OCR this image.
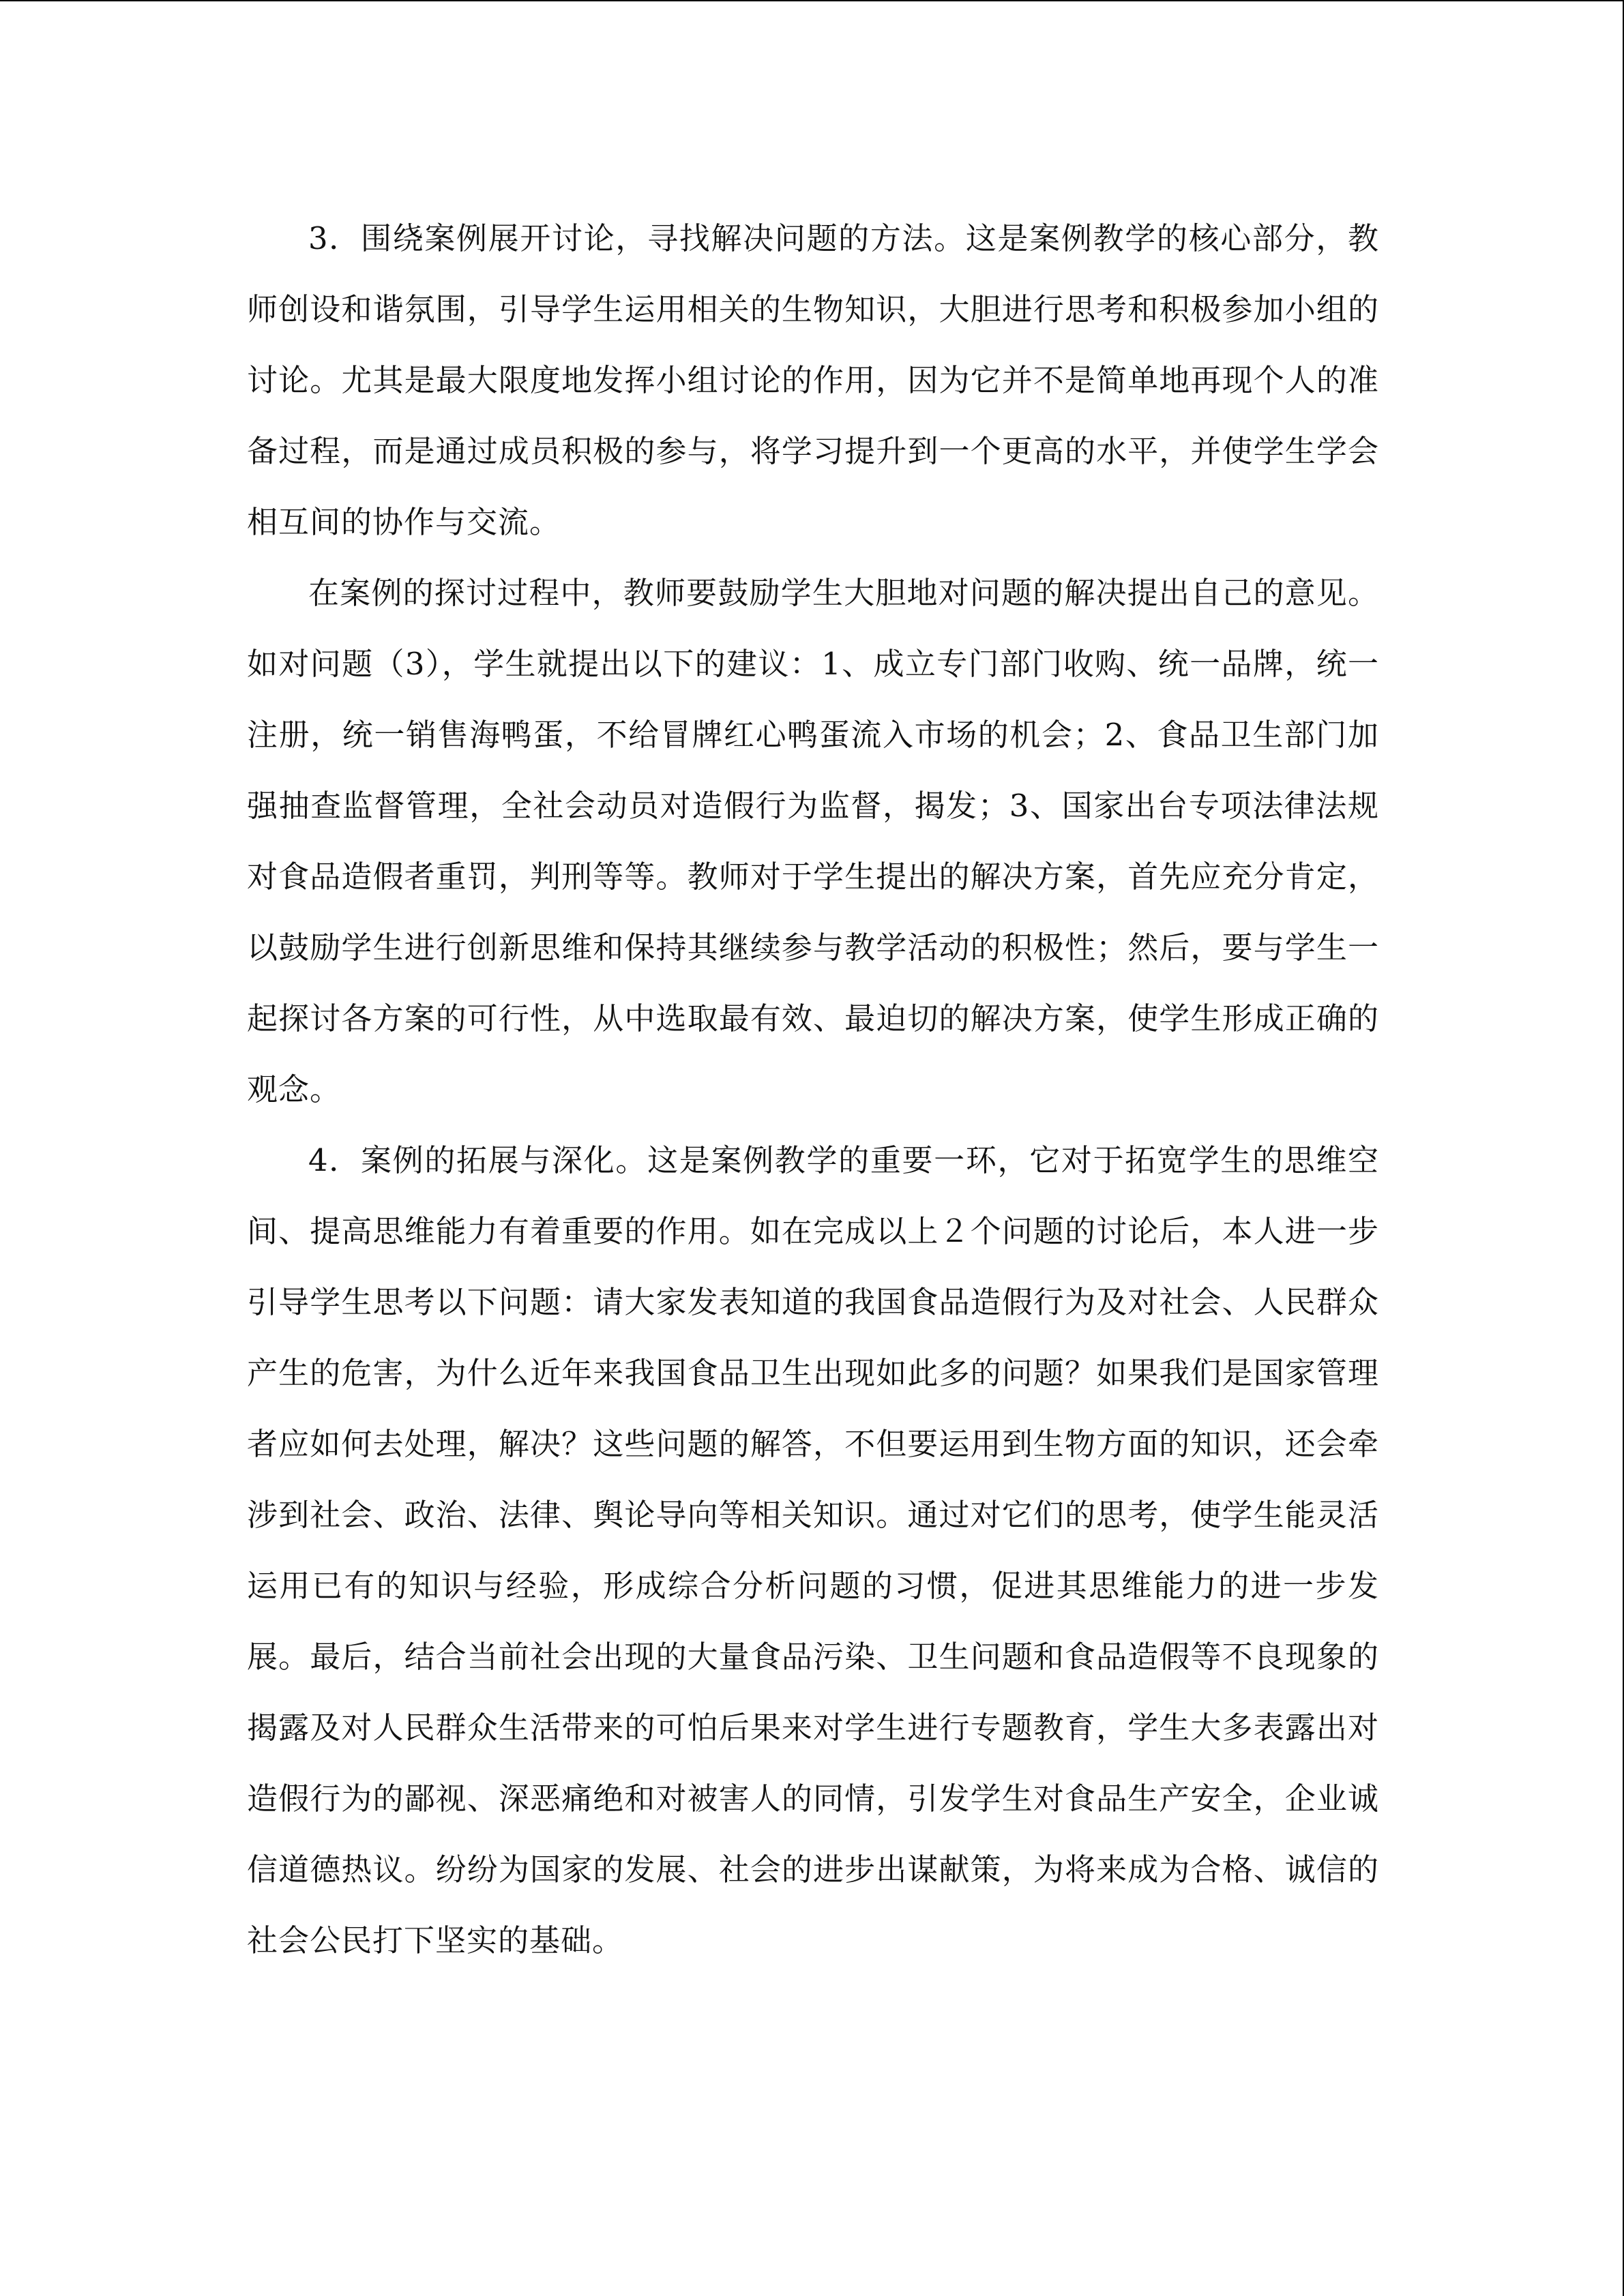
3．围绕案例展开讨论，寻找解决问题的方法。这是案例教学的核心部分，教师创设和谐氛围，引导学生运用相关的生物知识，大胆进行思考和积极参加小组的讨论。尤其是最大限度地发挥小组讨论的作用，因为它并不是简单地再现个人的准备过程，而是通过成员积极的参与，将学习提升到一个更高的水平，并使学生学会相互间的协作与交流。

在案例的探讨过程中，教师要鼓励学生大胆地对问题的解决提出自己的意见。如对问题（3），学生就提出以下的建议：1、成立专门部门收购、统一品牌，统一注册，统一销售海鸭蛋，不给冒牌红心鸭蛋流入市场的机会；2、食品卫生部门加强抽查监督管理，全社会动员对造假行为监督，揭发；3、国家出台专项法律法规对食品造假者重罚，判刑等等。教师对于学生提出的解决方案，首先应充分肯定，以鼓励学生进行创新思维和保持其继续参与教学活动的积极性；然后，要与学生一起探讨各方案的可行性，从中选取最有效、最迫切的解决方案，使学生形成正确的观念。

4．案例的拓展与深化。这是案例教学的重要一环，它对于拓宽学生的思维空间、提高思维能力有着重要的作用。如在完成以上２个问题的讨论后，本人进一步引导学生思考以下问题：请大家发表知道的我国食品造假行为及对社会、人民群众产生的危害，为什么近年来我国食品卫生出现如此多的问题？如果我们是国家管理者应如何去处理，解决？这些问题的解答，不但要运用到生物方面的知识，还会牵涉到社会、政治、法律、舆论导向等相关知识。通过对它们的思考，使学生能灵活运用已有的知识与经验，形成综合分析问题的习惯，促进其思维能力的进一步发展。最后，结合当前社会出现的大量食品污染、卫生问题和食品造假等不良现象的揭露及对人民群众生活带来的可怕后果来对学生进行专题教育，学生大多表露出对造假行为的鄙视、深恶痛绝和对被害人的同情，引发学生对食品生产安全，企业诚信道德热议。纷纷为国家的发展、社会的进步出谋献策，为将来成为合格、诚信的社会公民打下坚实的基础。
